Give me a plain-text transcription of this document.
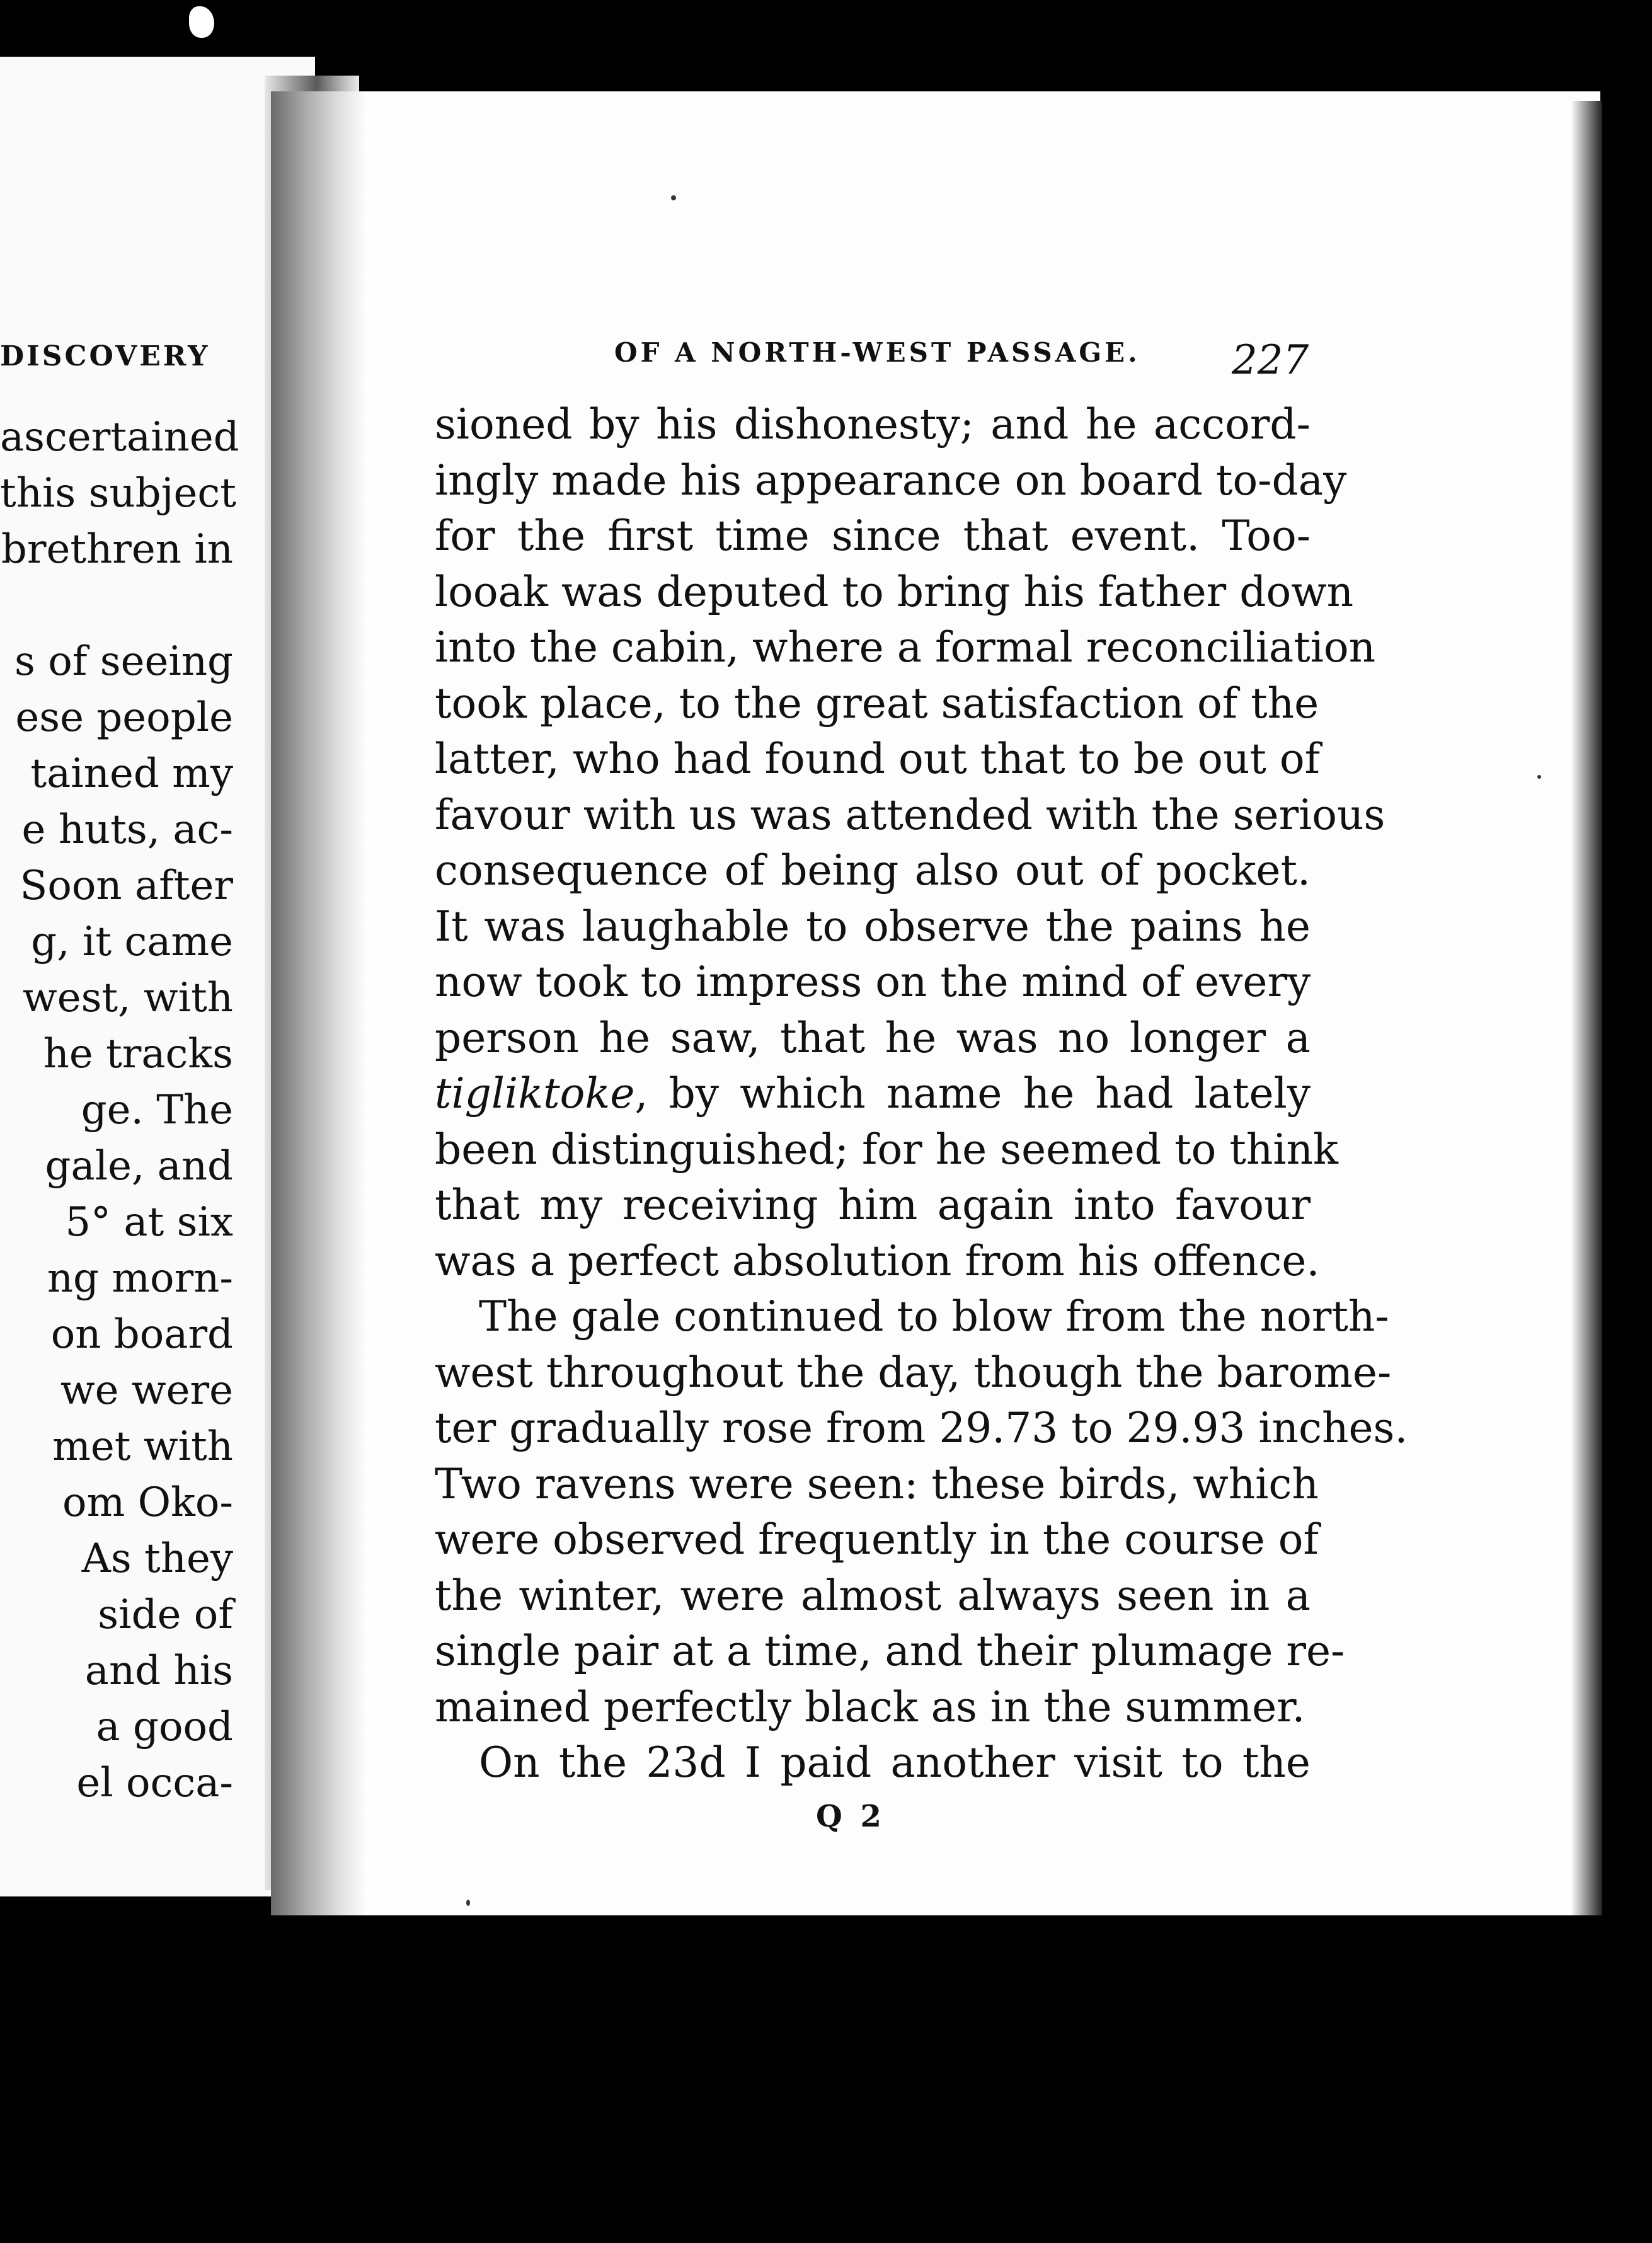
DISCOVERY
ascertained
this subject
brethren in
s of seeing
ese people
tained my
e huts, ac-
Soon after
g, it came
west, with
he tracks
ge. The
gale, and
5° at six
ng morn-
on board
we were
met with
om Oko-
As they
side of
and his
a good
el occa-
OF A NORTH-WEST PASSAGE. 227
sioned by his dishonesty; and he accord-
ingly made his appearance on board to-day
for the first time since that event. Too-
looak was deputed to bring his father down
into the cabin, where a formal reconciliation
took place, to the great satisfaction of the
latter, who had found out that to be out of
favour with us was attended with the serious
consequence of being also out of pocket.
It was laughable to observe the pains he
now took to impress on the mind of every
person he saw, that he was no longer a
tigliktoke, by which name he had lately
been distinguished; for he seemed to think
that my receiving him again into favour
was a perfect absolution from his offence.
The gale continued to blow from the north-
west throughout the day, though the barome-
ter gradually rose from 29.73 to 29.93 inches.
Two ravens were seen: these birds, which
were observed frequently in the course of
the winter, were almost always seen in a
single pair at a time, and their plumage re-
mained perfectly black as in the summer.
On the 23d I paid another visit to the
Q 2
